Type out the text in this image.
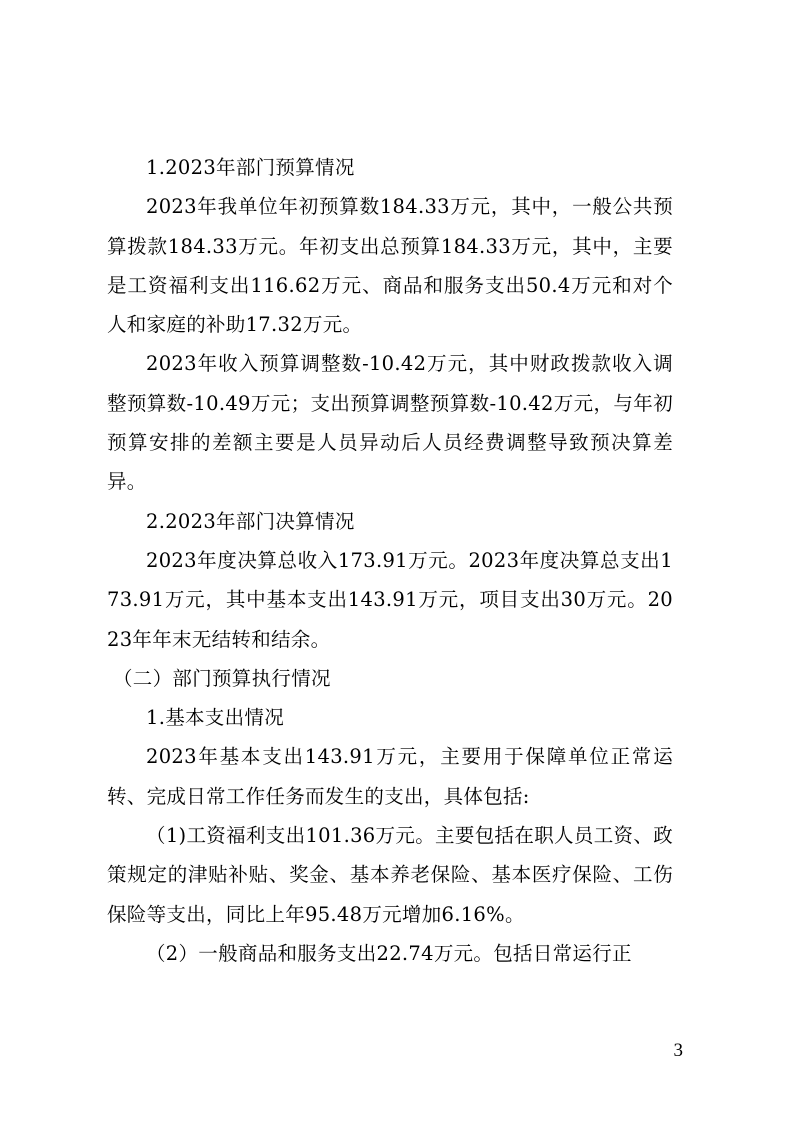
1.2023年部门预算情况

2023年我单位年初预算数184.33万元，其中，一般公共预算拨款184.33万元。年初支出总预算184.33万元，其中，主要是工资福利支出116.62万元、商品和服务支出50.4万元和对个人和家庭的补助17.32万元。

2023年收入预算调整数-10.42万元，其中财政拨款收入调整预算数-10.49万元；支出预算调整预算数-10.42万元，与年初预算安排的差额主要是人员异动后人员经费调整导致预决算差异。

2.2023年部门决算情况

2023年度决算总收入173.91万元。2023年度决算总支出173.91万元，其中基本支出143.91万元，项目支出30万元。2023年年末无结转和结余。

（二）部门预算执行情况

1.基本支出情况

2023年基本支出143.91万元，主要用于保障单位正常运转、完成日常工作任务而发生的支出，具体包括:

（1)工资福利支出101.36万元。主要包括在职人员工资、政策规定的津贴补贴、奖金、基本养老保险、基本医疗保险、工伤保险等支出，同比上年95.48万元增加6.16%。

（2）一般商品和服务支出22.74万元。包括日常运行正

3
